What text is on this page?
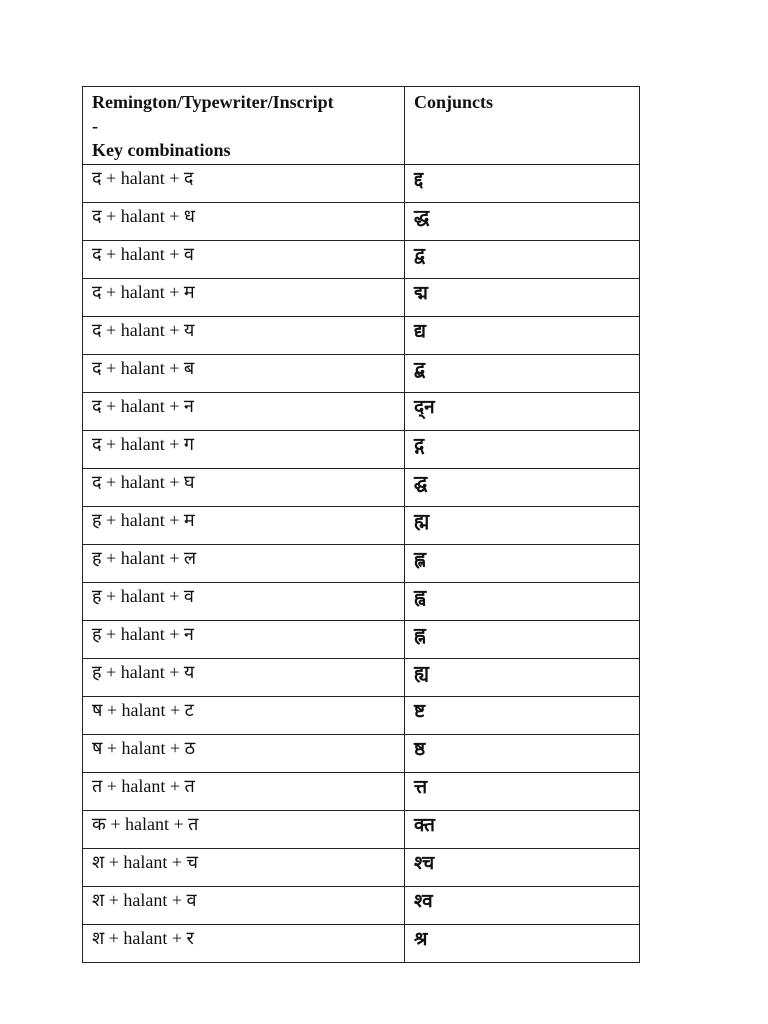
Remington/Typewriter/Inscript
-
Key combinations	Conjuncts
द + halant + द	द्द
द + halant + ध	द्ध
द + halant + व	द्व
द + halant + म	द्म
द + halant + य	द्य
द + halant + ब	द्ब
द + halant + न	द्न
द + halant + ग	द्ग
द + halant + घ	द्घ
ह + halant + म	ह्म
ह + halant + ल	ह्ल
ह + halant + व	ह्व
ह + halant + न	ह्न
ह + halant + य	ह्य
ष + halant + ट	ष्ट
ष + halant + ठ	ष्ठ
त + halant + त	त्त
क + halant + त	क्त
श + halant + च	श्च
श + halant + व	श्व
श + halant + र	श्र
